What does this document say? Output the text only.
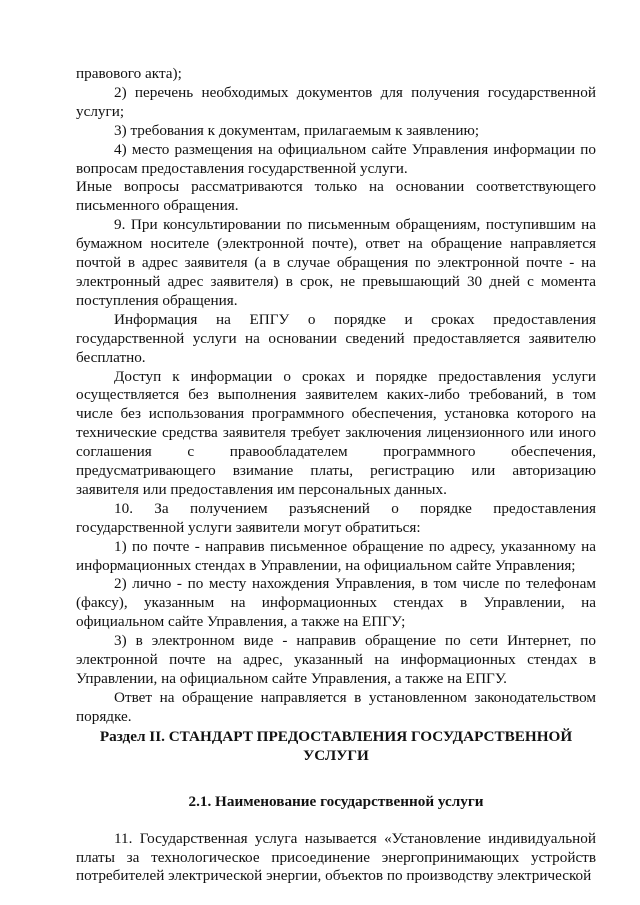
правового акта);

2) перечень необходимых документов для получения государственной услуги;

3) требования к документам, прилагаемым к заявлению;

4) место размещения на официальном сайте Управления информации по вопросам предоставления государственной услуги.

Иные вопросы рассматриваются только на основании соответствующего письменного обращения.

9. При консультировании по письменным обращениям, поступившим на бумажном носителе (электронной почте), ответ на обращение направляется почтой в адрес заявителя (а в случае обращения по электронной почте - на электронный адрес заявителя) в срок, не превышающий 30 дней с момента поступления обращения.

Информация на ЕПГУ о порядке и сроках предоставления государственной услуги на основании сведений предоставляется заявителю бесплатно.

Доступ к информации о сроках и порядке предоставления услуги осуществляется без выполнения заявителем каких-либо требований, в том числе без использования программного обеспечения, установка которого на технические средства заявителя требует заключения лицензионного или иного соглашения с правообладателем программного обеспечения, предусматривающего взимание платы, регистрацию или авторизацию заявителя или предоставления им персональных данных.

10. За получением разъяснений о порядке предоставления государственной услуги заявители могут обратиться:

1) по почте - направив письменное обращение по адресу, указанному на информационных стендах в Управлении, на официальном сайте Управления;

2) лично - по месту нахождения Управления, в том числе по телефонам (факсу), указанным на информационных стендах в Управлении, на официальном сайте Управления, а также на ЕПГУ;

3) в электронном виде - направив обращение по сети Интернет, по электронной почте на адрес, указанный на информационных стендах в Управлении, на официальном сайте Управления, а также на ЕПГУ.

Ответ на обращение направляется в установленном законодательством порядке.

Раздел II. СТАНДАРТ ПРЕДОСТАВЛЕНИЯ ГОСУДАРСТВЕННОЙ УСЛУГИ

2.1. Наименование государственной услуги

11. Государственная услуга называется «Установление индивидуальной платы за технологическое присоединение энергопринимающих устройств потребителей электрической энергии, объектов по производству электрической
